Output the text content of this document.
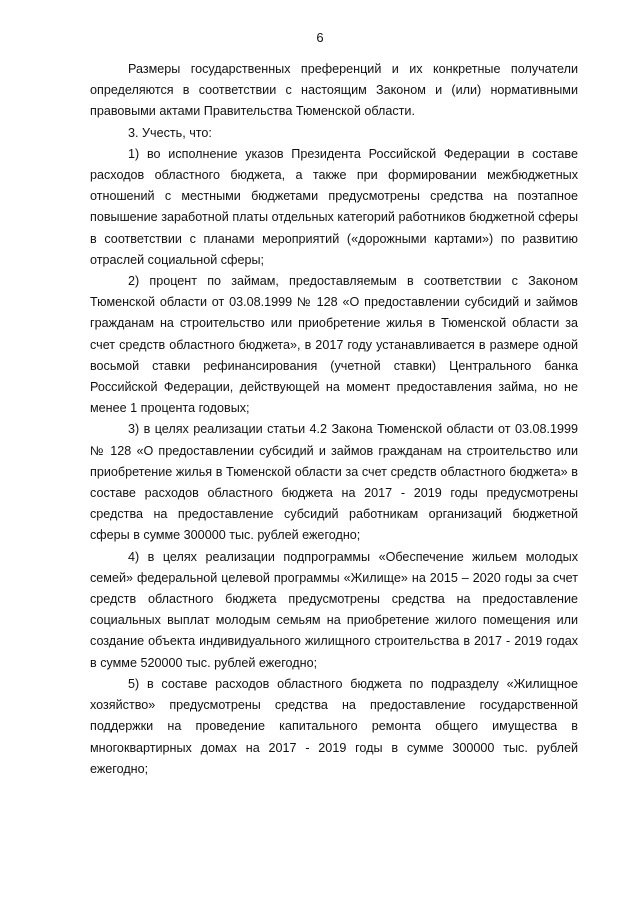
6

Размеры государственных преференций и их конкретные получатели определяются в соответствии с настоящим Законом и (или) нормативными правовыми актами Правительства Тюменской области.

3. Учесть, что:

1) во исполнение указов Президента Российской Федерации в составе расходов областного бюджета, а также при формировании межбюджетных отношений с местными бюджетами предусмотрены средства на поэтапное повышение заработной платы отдельных категорий работников бюджетной сферы в соответствии с планами мероприятий («дорожными картами») по развитию отраслей социальной сферы;

2) процент по займам, предоставляемым в соответствии с Законом Тюменской области от 03.08.1999 № 128 «О предоставлении субсидий и займов гражданам на строительство или приобретение жилья в Тюменской области за счет средств областного бюджета», в 2017 году устанавливается в размере одной восьмой ставки рефинансирования (учетной ставки) Центрального банка Российской Федерации, действующей на момент предоставления займа, но не менее 1 процента годовых;

3) в целях реализации статьи 4.2 Закона Тюменской области от 03.08.1999 № 128 «О предоставлении субсидий и займов гражданам на строительство или приобретение жилья в Тюменской области за счет средств областного бюджета» в составе расходов областного бюджета на 2017 - 2019 годы предусмотрены средства на предоставление субсидий работникам организаций бюджетной сферы в сумме 300000 тыс. рублей ежегодно;

4) в целях реализации подпрограммы «Обеспечение жильем молодых семей» федеральной целевой программы «Жилище» на 2015 – 2020 годы за счет средств областного бюджета предусмотрены средства на предоставление социальных выплат молодым семьям на приобретение жилого помещения или создание объекта индивидуального жилищного строительства в 2017 - 2019 годах в сумме 520000 тыс. рублей ежегодно;

5) в составе расходов областного бюджета по подразделу «Жилищное хозяйство» предусмотрены средства на предоставление государственной поддержки на проведение капитального ремонта общего имущества в многоквартирных домах на 2017 - 2019 годы в сумме 300000 тыс. рублей ежегодно;
